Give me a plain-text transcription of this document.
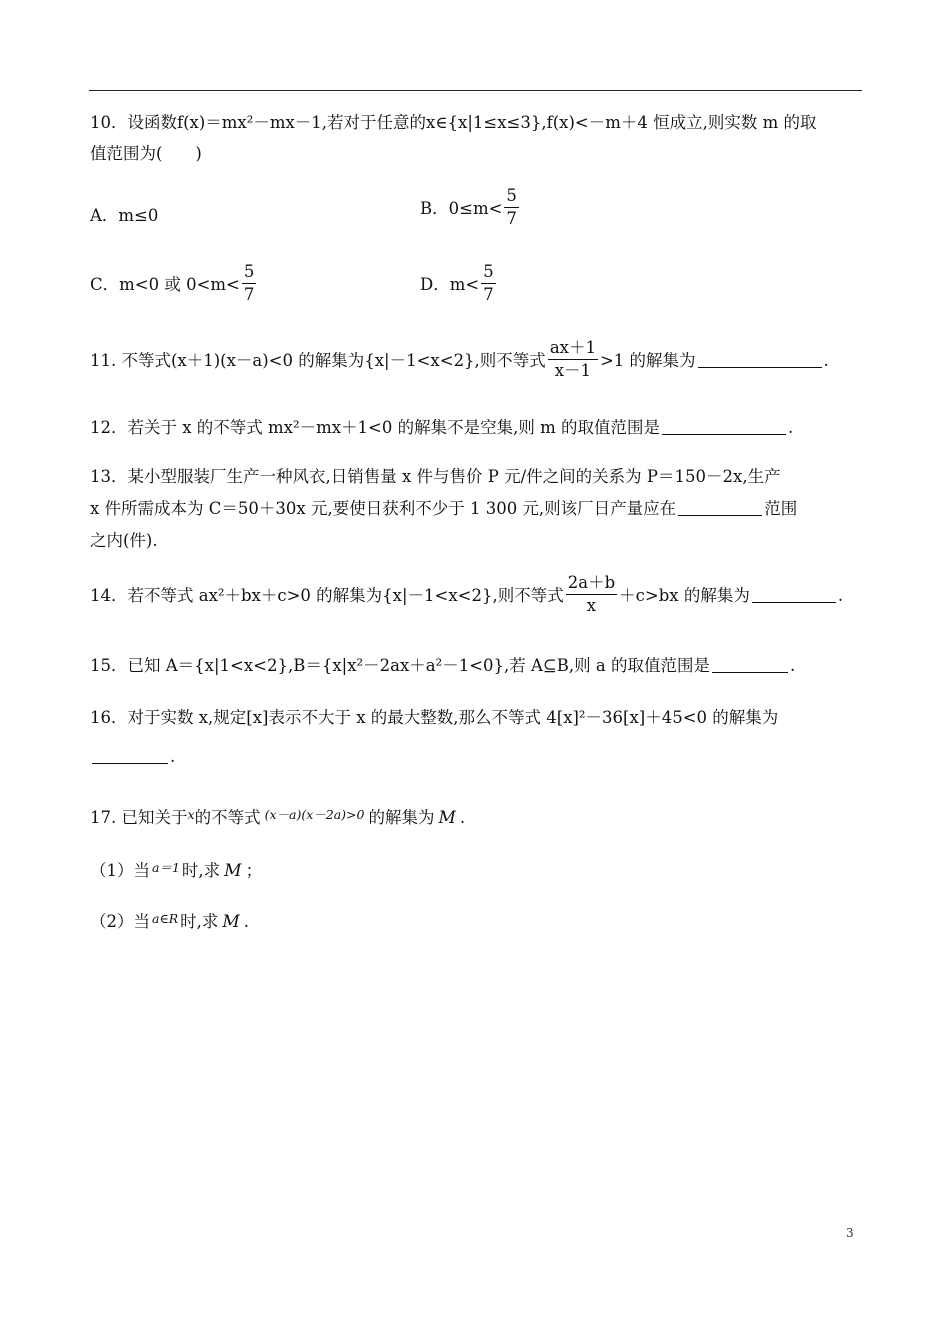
10．设函数f(x)＝mx²－mx－1,若对于任意的x∈{x|1≤x≤3},f(x)<－m＋4 恒成立,则实数 m 的取
值范围为(　　)
A．m≤0	B．$0\le m< \frac{5}{7}$
C．m<0 或 $0<m< \frac{5}{7}$	D．$m< \frac{5}{7}$
11. 不等式(x＋1)(x－a)<0 的解集为{x|－1<x<2},则不等式 $\frac{ax+1}{x-1} >1$ 的解集为	.
12．若关于 x 的不等式 mx²－mx＋1<0 的解集不是空集,则 m 的取值范围是	.
13．某小型服装厂生产一种风衣,日销售量 x 件与售价 P 元/件之间的关系为 P＝150－2x,生产
x 件所需成本为 C＝50＋30x 元,要使日获利不少于 1 300 元,则该厂日产量应在	范围
之内(件).
14．若不等式 ax²＋bx＋c>0 的解集为{x|－1<x<2},则不等式 $\frac{2a+b}{x} +c>bx$ 的解集为	.
15．已知 A＝{x|1<x<2},B＝{x|x²－2ax＋a²－1<0},若 A⊆B,则 a 的取值范围是	.
16．对于实数 x,规定[x]表示不大于 x 的最大整数,那么不等式 4[x]²－36[x]＋45<0 的解集为
.
17. 已知关于$^x$的不等式 $^{(x-a)(x-2a)>0}$ 的解集为 M .
（1）当 $^{a=1}$ 时,求 M ；
（2）当 $^{a\in R}$ 时,求 M .
3
